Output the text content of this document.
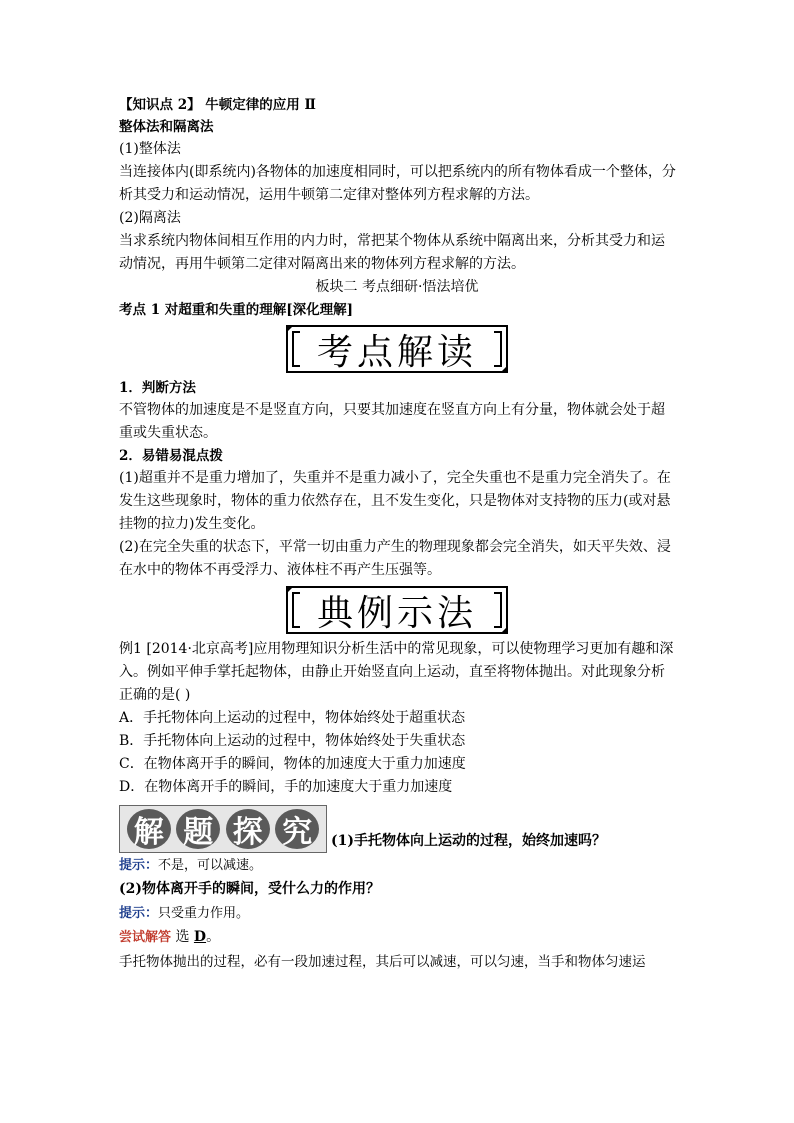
【知识点 2】 牛顿定律的应用 Ⅱ
整体法和隔离法
(1)整体法
当连接体内(即系统内)各物体的加速度相同时，可以把系统内的所有物体看成一个整体，分
析其受力和运动情况，运用牛顿第二定律对整体列方程求解的方法。
(2)隔离法
当求系统内物体间相互作用的内力时，常把某个物体从系统中隔离出来，分析其受力和运
动情况，再用牛顿第二定律对隔离出来的物体列方程求解的方法。
板块二 考点细研·悟法培优
考点 1 对超重和失重的理解[深化理解]
考点解读
1．判断方法
不管物体的加速度是不是竖直方向，只要其加速度在竖直方向上有分量，物体就会处于超
重或失重状态。
2．易错易混点拨
(1)超重并不是重力增加了，失重并不是重力减小了，完全失重也不是重力完全消失了。在
发生这些现象时，物体的重力依然存在，且不发生变化，只是物体对支持物的压力(或对悬
挂物的拉力)发生变化。
(2)在完全失重的状态下，平常一切由重力产生的物理现象都会完全消失，如天平失效、浸
在水中的物体不再受浮力、液体柱不再产生压强等。
典例示法
例1 [2014·北京高考]应用物理知识分析生活中的常见现象，可以使物理学习更加有趣和深
入。例如平伸手掌托起物体，由静止开始竖直向上运动，直至将物体抛出。对此现象分析
正确的是( )
A．手托物体向上运动的过程中，物体始终处于超重状态
B．手托物体向上运动的过程中，物体始终处于失重状态
C．在物体离开手的瞬间，物体的加速度大于重力加速度
D．在物体离开手的瞬间，手的加速度大于重力加速度
解 题 探 究	(1)手托物体向上运动的过程，始终加速吗？
提示：不是，可以减速。
(2)物体离开手的瞬间，受什么力的作用？
提示：只受重力作用。
尝试解答 选 D。
手托物体抛出的过程，必有一段加速过程，其后可以减速，可以匀速，当手和物体匀速运
